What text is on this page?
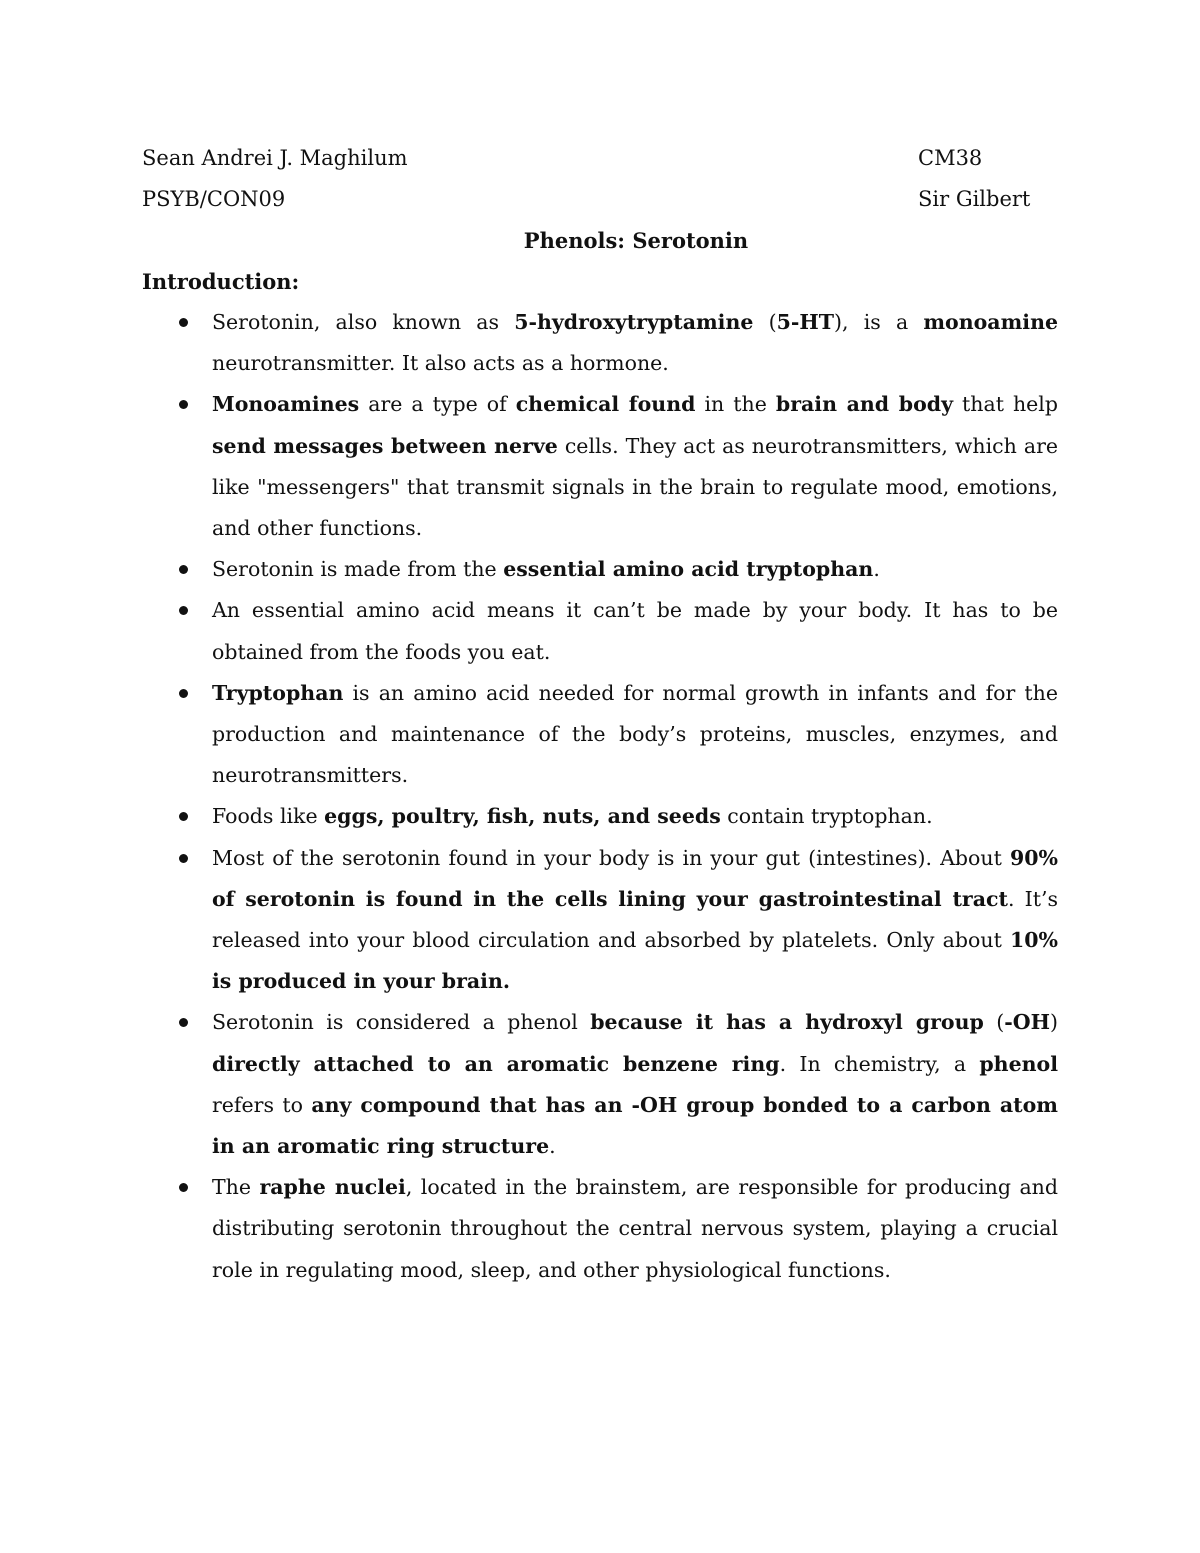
Sean Andrei J. Maghilum	CM38
PSYB/CON09	Sir Gilbert
Phenols: Serotonin
Introduction:
Serotonin, also known as 5-hydroxytryptamine (5-HT), is a monoamine neurotransmitter. It also acts as a hormone.
Monoamines are a type of chemical found in the brain and body that help send messages between nerve cells. They act as neurotransmitters, which are like "messengers" that transmit signals in the brain to regulate mood, emotions, and other functions.
Serotonin is made from the essential amino acid tryptophan.
An essential amino acid means it can’t be made by your body. It has to be obtained from the foods you eat.
Tryptophan is an amino acid needed for normal growth in infants and for the production and maintenance of the body’s proteins, muscles, enzymes, and neurotransmitters.
Foods like eggs, poultry, fish, nuts, and seeds contain tryptophan.
Most of the serotonin found in your body is in your gut (intestines). About 90% of serotonin is found in the cells lining your gastrointestinal tract. It’s released into your blood circulation and absorbed by platelets. Only about 10% is produced in your brain.
Serotonin is considered a phenol because it has a hydroxyl group (-OH) directly attached to an aromatic benzene ring. In chemistry, a phenol refers to any compound that has an -OH group bonded to a carbon atom in an aromatic ring structure.
The raphe nuclei, located in the brainstem, are responsible for producing and distributing serotonin throughout the central nervous system, playing a crucial role in regulating mood, sleep, and other physiological functions.
